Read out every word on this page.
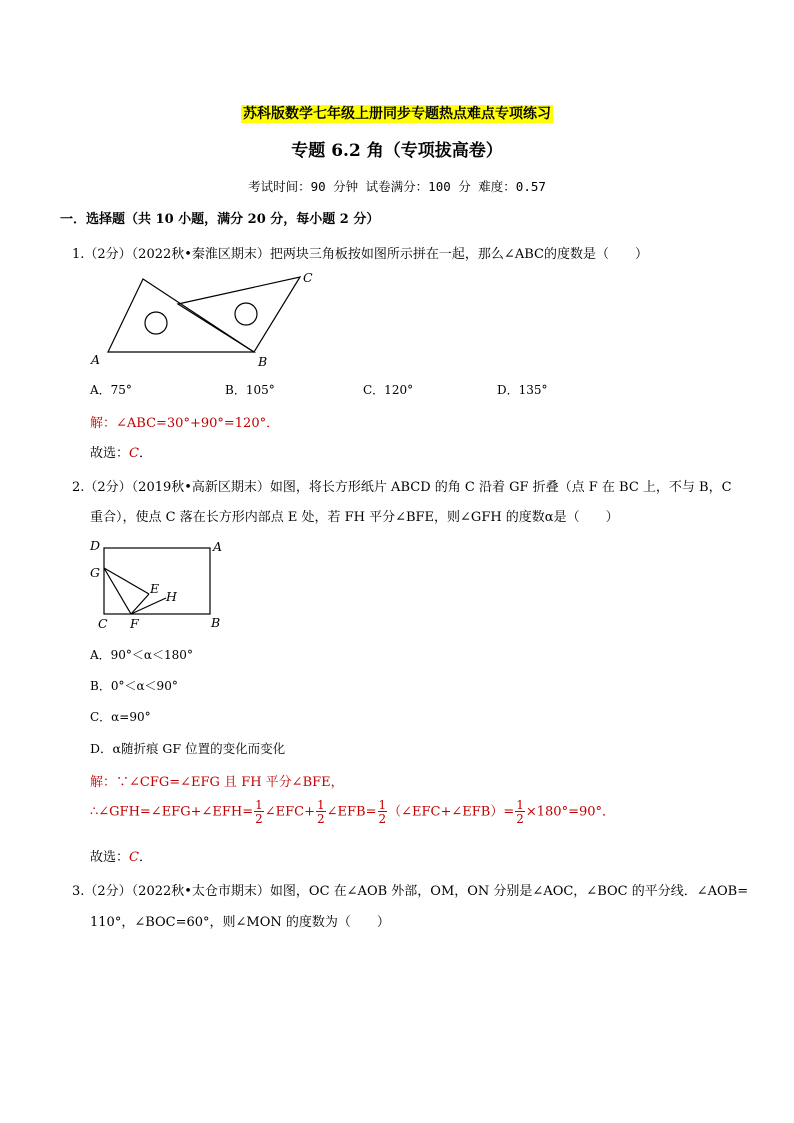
苏科版数学七年级上册同步专题热点难点专项练习
专题 6.2 角（专项拔高卷）
考试时间：90 分钟 试卷满分：100 分 难度：0.57
一．选择题（共 10 小题，满分 20 分，每小题 2 分）
1.（2分）（2022秋•秦淮区期末）把两块三角板按如图所示拼在一起，那么∠ABC的度数是（　　）
A	B
C
A．75°	B．105°	C．120°	D．135°
解：∠ABC=30°+90°=120°．
故选：C．
2.（2分）（2019秋•高新区期末）如图，将长方形纸片 ABCD 的角 C 沿着 GF 折叠（点 F 在 BC 上，不与 B，C
重合），使点 C 落在长方形内部点 E 处，若 FH 平分∠BFE，则∠GFH 的度数α是（　　）
D	A
G
E
H
C F	B
A．90°＜α＜180°
B．0°＜α＜90°
C．α=90°
D．α随折痕 GF 位置的变化而变化
解：∵∠CFG=∠EFG 且 FH 平分∠BFE，
∴∠GFH=∠EFG+∠EFH= $\frac{1}{2}$ ∠EFC+ $\frac{1}{2}$ ∠EFB= $\frac{1}{2}$ （∠EFC+∠EFB）= $\frac{1}{2} \times 180^\circ=90^\circ$．
故选：C．
3.（2分）（2022秋•太仓市期末）如图，OC 在∠AOB 外部，OM，ON 分别是∠AOC，∠BOC 的平分线．∠AOB=
110°，∠BOC=60°，则∠MON 的度数为（　　）
